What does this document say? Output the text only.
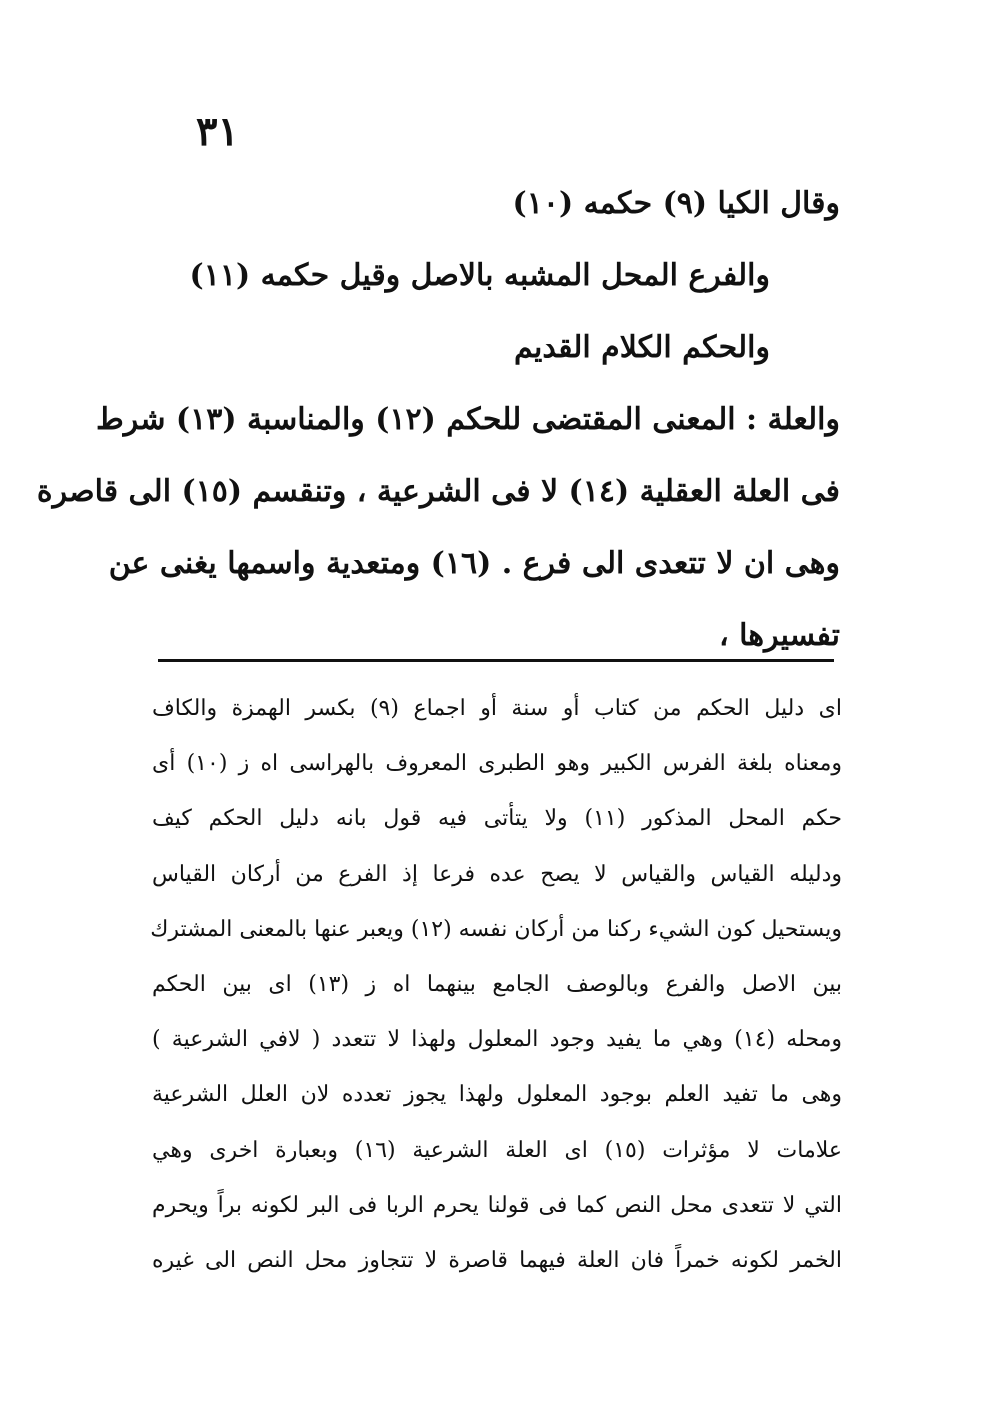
٣١
وقال الكيا (٩) حكمه (١٠)
والفرع المحل المشبه بالاصل وقيل حكمه (١١)
والحكم الكلام القديم
والعلة : المعنى المقتضى للحكم (١٢) والمناسبة (١٣) شرط
فى العلة العقلية (١٤) لا فى الشرعية ، وتنقسم (١٥) الى قاصرة
وهى ان لا تتعدى الى فرع . (١٦) ومتعدية واسمها يغنى عن
تفسيرها ،
اى دليل الحكم من كتاب أو سنة أو اجماع (٩) بكسر الهمزة والكاف
ومعناه بلغة الفرس الكبير وهو الطبرى المعروف بالهراسى اه ز (١٠) أى
حكم المحل المذكور (١١) ولا يتأتى فيه قول بانه دليل الحكم كيف
ودليله القياس والقياس لا يصح عده فرعا إذ الفرع من أركان القياس
ويستحيل كون الشيء ركنا من أركان نفسه (١٢) ويعبر عنها بالمعنى المشترك
بين الاصل والفرع وبالوصف الجامع بينهما اه ز (١٣) اى بين الحكم
ومحله (١٤) وهي ما يفيد وجود المعلول ولهذا لا تتعدد ( لافي الشرعية )
وهى ما تفيد العلم بوجود المعلول ولهذا يجوز تعدده لان العلل الشرعية
علامات لا مؤثرات (١٥) اى العلة الشرعية (١٦) وبعبارة اخرى وهي
التي لا تتعدى محل النص كما فى قولنا يحرم الربا فى البر لكونه براً ويحرم
الخمر لكونه خمراً فان العلة فيهما قاصرة لا تتجاوز محل النص الى غيره
